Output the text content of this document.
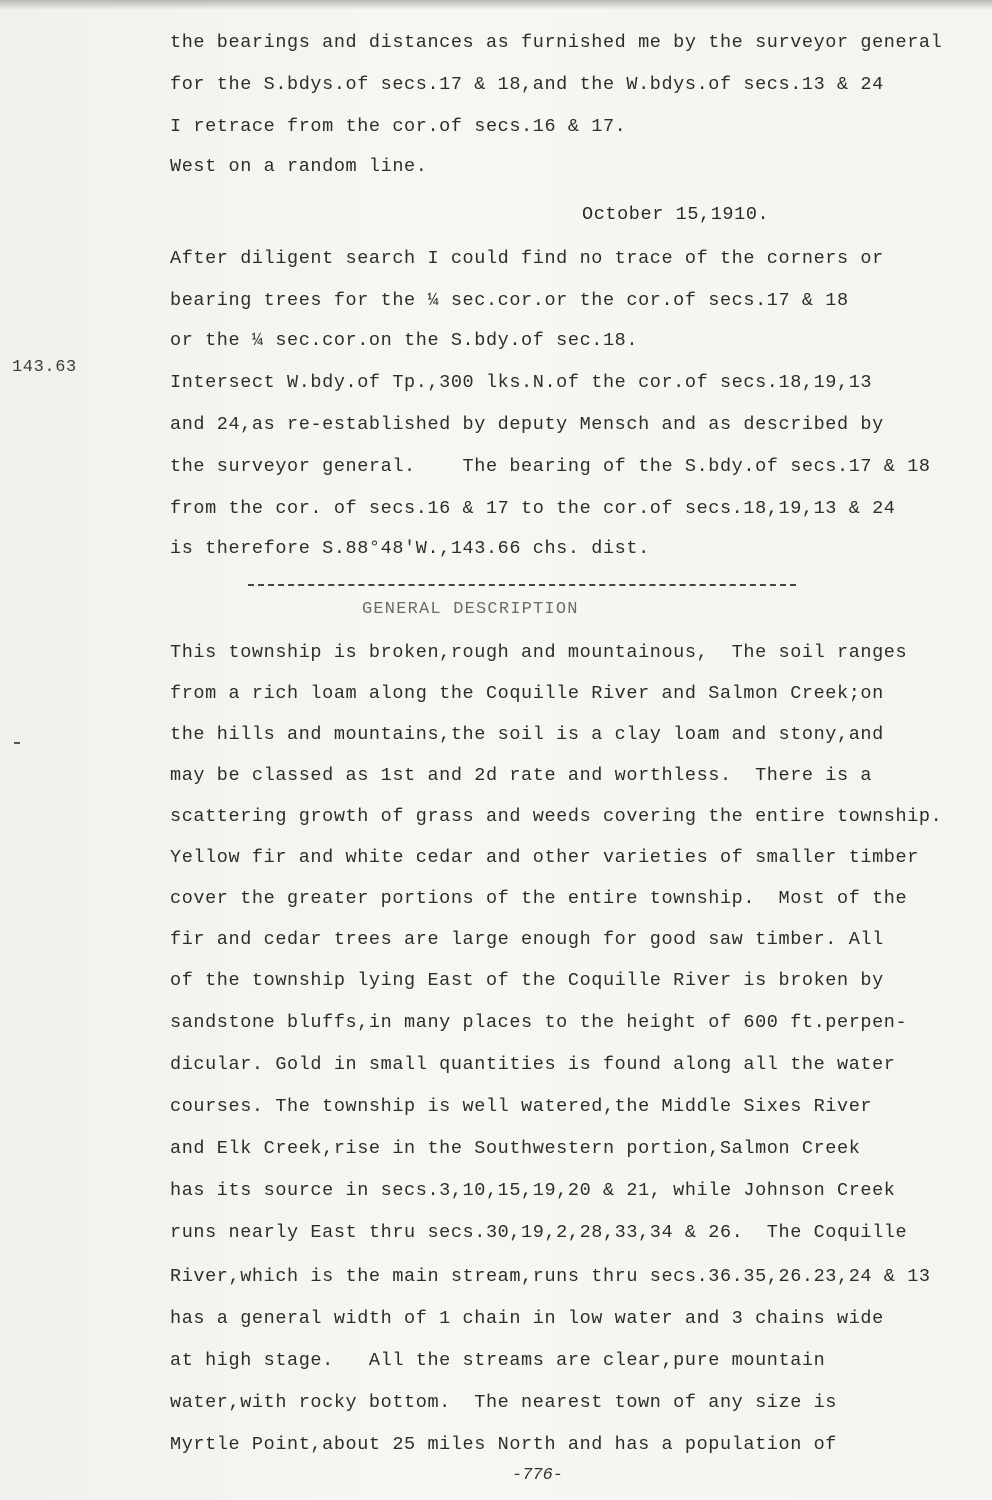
the bearings and distances as furnished me by the surveyor general
for the S.bdys.of secs.17 & 18,and the W.bdys.of secs.13 & 24
I retrace from the cor.of secs.16 & 17.
West on a random line.
October 15,1910.
After diligent search I could find no trace of the corners or
bearing trees for the ¼ sec.cor.or the cor.of secs.17 & 18
or the ¼ sec.cor.on the S.bdy.of sec.18.
143.63
Intersect W.bdy.of Tp.,300 lks.N.of the cor.of secs.18,19,13
and 24,as re-established by deputy Mensch and as described by
the surveyor general.    The bearing of the S.bdy.of secs.17 & 18
from the cor. of secs.16 & 17 to the cor.of secs.18,19,13 & 24
is therefore S.88°48'W.,143.66 chs. dist.
GENERAL DESCRIPTION
This township is broken,rough and mountainous,  The soil ranges
from a rich loam along the Coquille River and Salmon Creek;on
the hills and mountains,the soil is a clay loam and stony,and
may be classed as 1st and 2d rate and worthless.  There is a
scattering growth of grass and weeds covering the entire township.
Yellow fir and white cedar and other varieties of smaller timber
cover the greater portions of the entire township.  Most of the
fir and cedar trees are large enough for good saw timber. All
of the township lying East of the Coquille River is broken by
sandstone bluffs,in many places to the height of 600 ft.perpen-
dicular. Gold in small quantities is found along all the water
courses. The township is well watered,the Middle Sixes River
and Elk Creek,rise in the Southwestern portion,Salmon Creek
has its source in secs.3,10,15,19,20 & 21, while Johnson Creek
runs nearly East thru secs.30,19,2,28,33,34 & 26.  The Coquille
River,which is the main stream,runs thru secs.36.35,26.23,24 & 13
has a general width of 1 chain in low water and 3 chains wide
at high stage.   All the streams are clear,pure mountain
water,with rocky bottom.  The nearest town of any size is
Myrtle Point,about 25 miles North and has a population of
-776-
